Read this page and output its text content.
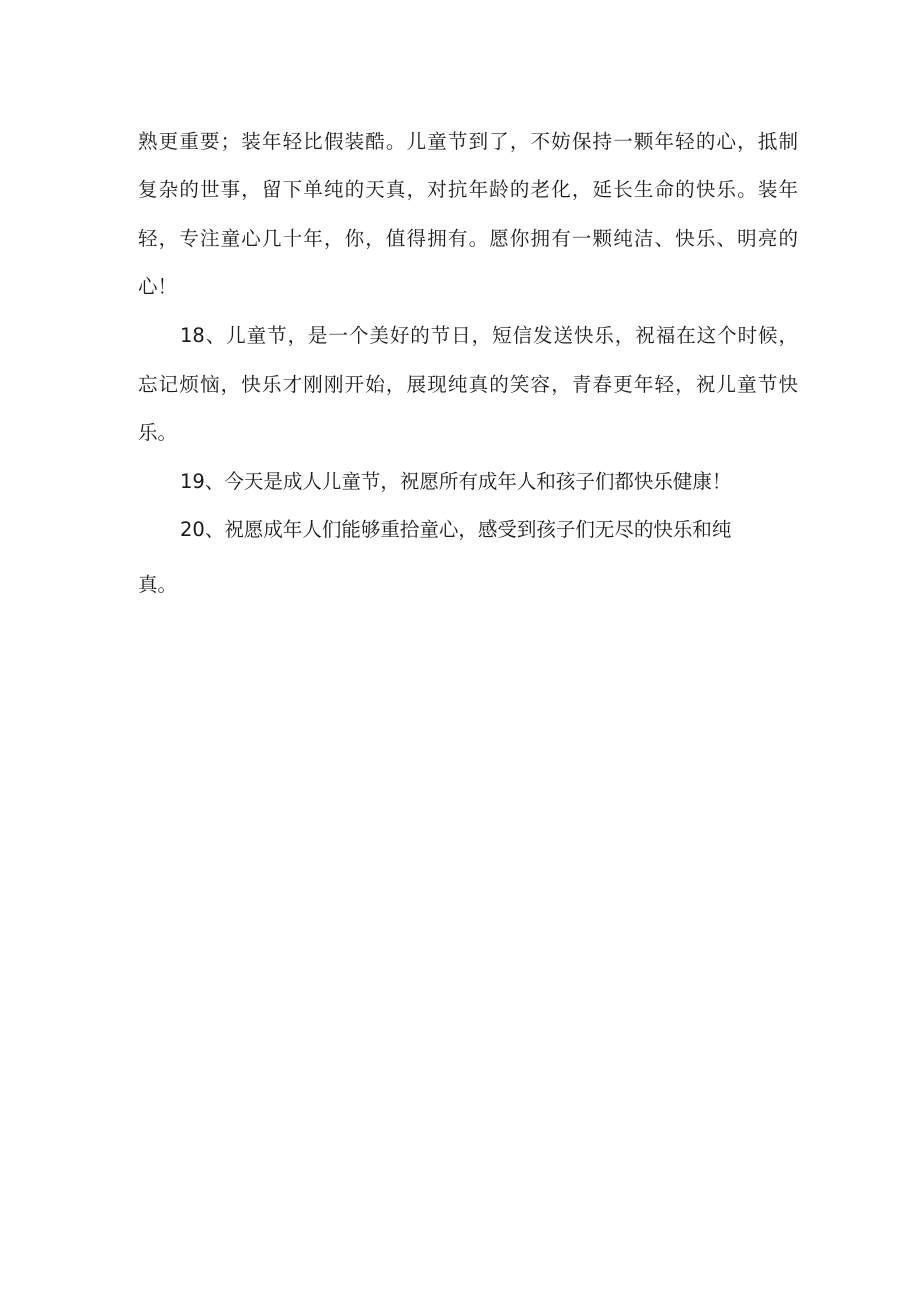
熟更重要；装年轻比假装酷。儿童节到了，不妨保持一颗年轻的心，抵制

复杂的世事，留下单纯的天真，对抗年龄的老化，延长生命的快乐。装年

轻，专注童心几十年，你，值得拥有。愿你拥有一颗纯洁、快乐、明亮的

心！

18、儿童节，是一个美好的节日，短信发送快乐，祝福在这个时候，

忘记烦恼，快乐才刚刚开始，展现纯真的笑容，青春更年轻，祝儿童节快

乐。

19、今天是成人儿童节，祝愿所有成年人和孩子们都快乐健康！

20、祝愿成年人们能够重拾童心，感受到孩子们无尽的快乐和纯

真。
